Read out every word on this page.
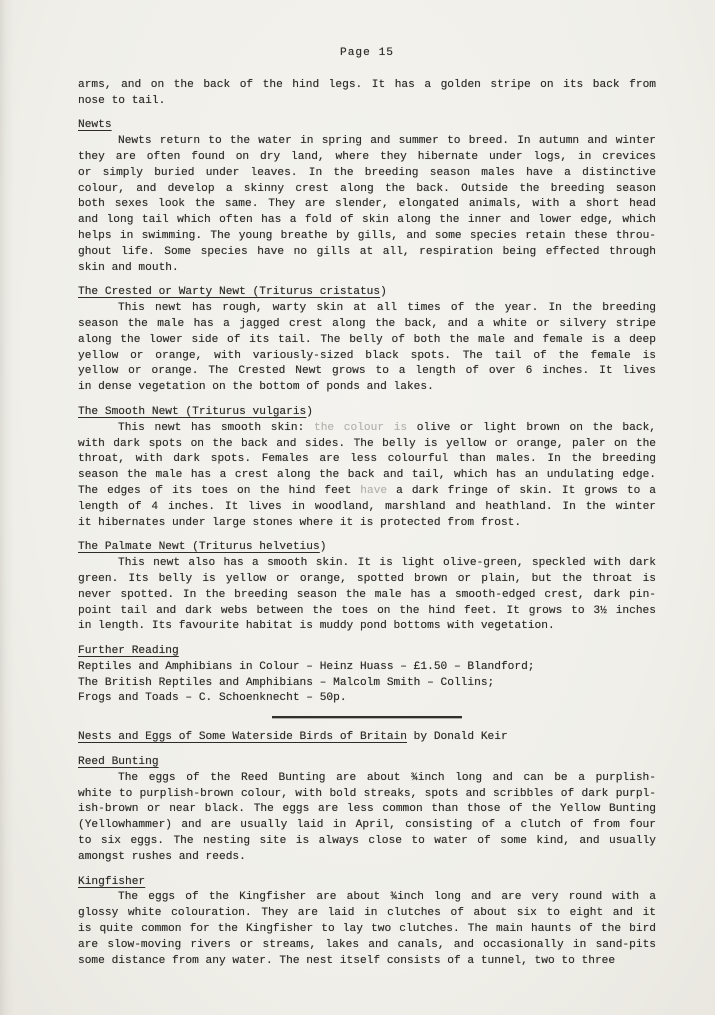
Page 15
arms, and on the back of the hind legs. It has a golden stripe on its back from
nose to tail.
Newts
Newts return to the water in spring and summer to breed. In autumn and winter
they are often found on dry land, where they hibernate under logs, in crevices
or simply buried under leaves. In the breeding season males have a distinctive
colour, and develop a skinny crest along the back. Outside the breeding season
both sexes look the same. They are slender, elongated animals, with a short head
and long tail which often has a fold of skin along the inner and lower edge, which
helps in swimming. The young breathe by gills, and some species retain these throu-
ghout life. Some species have no gills at all, respiration being effected through
skin and mouth.
The Crested or Warty Newt (Triturus cristatus)
This newt has rough, warty skin at all times of the year. In the breeding
season the male has a jagged crest along the back, and a white or silvery stripe
along the lower side of its tail. The belly of both the male and female is a deep
yellow or orange, with variously-sized black spots. The tail of the female is
yellow or orange. The Crested Newt grows to a length of over 6 inches. It lives
in dense vegetation on the bottom of ponds and lakes.
The Smooth Newt (Triturus vulgaris)
This newt has smooth skin: the colour is olive or light brown on the back,
with dark spots on the back and sides. The belly is yellow or orange, paler on the
throat, with dark spots. Females are less colourful than males. In the breeding
season the male has a crest along the back and tail, which has an undulating edge.
The edges of its toes on the hind feet have a dark fringe of skin. It grows to a
length of 4 inches. It lives in woodland, marshland and heathland. In the winter
it hibernates under large stones where it is protected from frost.
The Palmate Newt (Triturus helvetius)
This newt also has a smooth skin. It is light olive-green, speckled with dark
green. Its belly is yellow or orange, spotted brown or plain, but the throat is
never spotted. In the breeding season the male has a smooth-edged crest, dark pin-
point tail and dark webs between the toes on the hind feet. It grows to 3½ inches
in length. Its favourite habitat is muddy pond bottoms with vegetation.
Further Reading
Reptiles and Amphibians in Colour – Heinz Huass – £1.50 – Blandford;
The British Reptiles and Amphibians – Malcolm Smith – Collins;
Frogs and Toads – C. Schoenknecht – 50p.
Nests and Eggs of Some Waterside Birds of Britain by Donald Keir
Reed Bunting
The eggs of the Reed Bunting are about ¾inch long and can be a purplish-
white to purplish-brown colour, with bold streaks, spots and scribbles of dark purpl-
ish-brown or near black. The eggs are less common than those of the Yellow Bunting
(Yellowhammer) and are usually laid in April, consisting of a clutch of from four
to six eggs. The nesting site is always close to water of some kind, and usually
amongst rushes and reeds.
Kingfisher
The eggs of the Kingfisher are about ¾inch long and are very round with a
glossy white colouration. They are laid in clutches of about six to eight and it
is quite common for the Kingfisher to lay two clutches. The main haunts of the bird
are slow-moving rivers or streams, lakes and canals, and occasionally in sand-pits
some distance from any water. The nest itself consists of a tunnel, two to three
